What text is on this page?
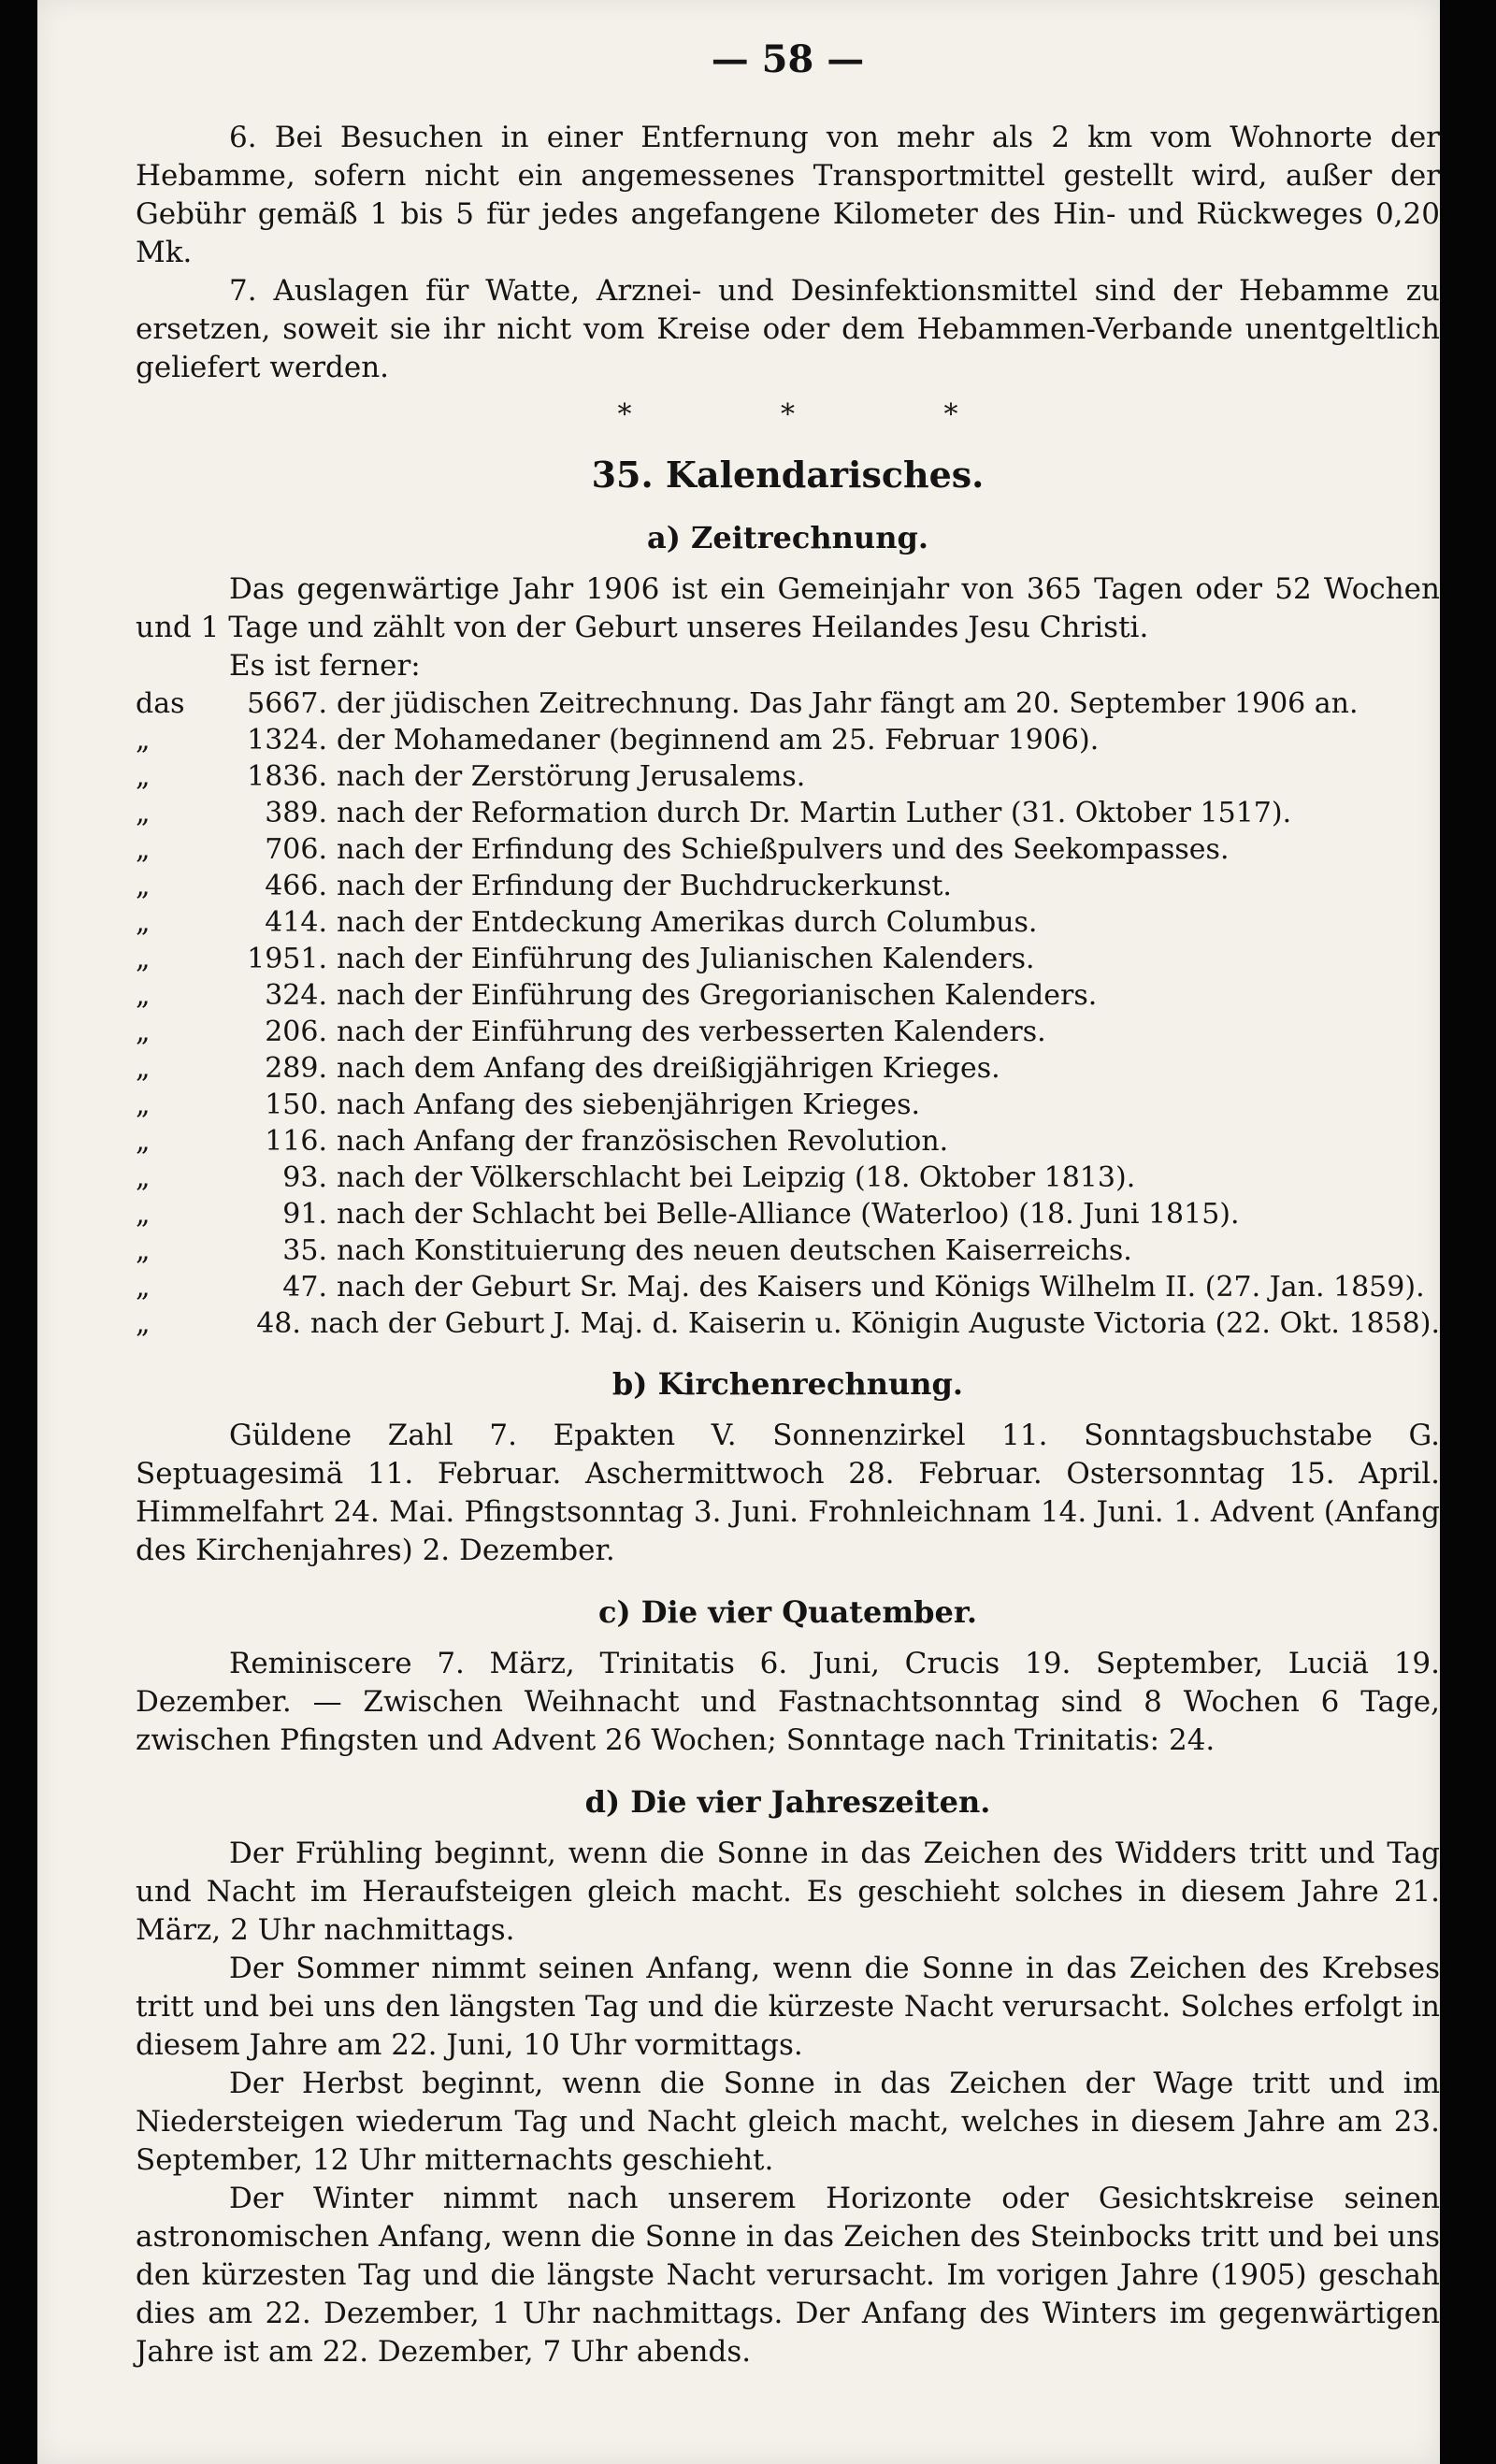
— 58 —

6. Bei Besuchen in einer Entfernung von mehr als 2 km vom Wohnorte der Hebamme, sofern nicht ein angemessenes Transportmittel gestellt wird, außer der Gebühr gemäß 1 bis 5 für jedes angefangene Kilometer des Hin- und Rückweges 0,20 Mk.

7. Auslagen für Watte, Arznei- und Desinfektionsmittel sind der Hebamme zu ersetzen, soweit sie ihr nicht vom Kreise oder dem Hebammen-Verbande unentgeltlich geliefert werden.

* * *
35. Kalendarisches.
a) Zeitrechnung.

Das gegenwärtige Jahr 1906 ist ein Gemeinjahr von 365 Tagen oder 52 Wochen und 1 Tage und zählt von der Geburt unseres Heilandes Jesu Christi.

Es ist ferner:

das	5667. der jüdischen Zeitrechnung. Das Jahr fängt am 20. September 1906 an.
„	1324. der Mohamedaner (beginnend am 25. Februar 1906).
„	1836. nach der Zerstörung Jerusalems.
„	389. nach der Reformation durch Dr. Martin Luther (31. Oktober 1517).
„	706. nach der Erfindung des Schießpulvers und des Seekompasses.
„	466. nach der Erfindung der Buchdruckerkunst.
„	414. nach der Entdeckung Amerikas durch Columbus.
„	1951. nach der Einführung des Julianischen Kalenders.
„	324. nach der Einführung des Gregorianischen Kalenders.
„	206. nach der Einführung des verbesserten Kalenders.
„	289. nach dem Anfang des dreißigjährigen Krieges.
„	150. nach Anfang des siebenjährigen Krieges.
„	116. nach Anfang der französischen Revolution.
„	93. nach der Völkerschlacht bei Leipzig (18. Oktober 1813).
„	91. nach der Schlacht bei Belle-Alliance (Waterloo) (18. Juni 1815).
„	35. nach Konstituierung des neuen deutschen Kaiserreichs.
„	47. nach der Geburt Sr. Maj. des Kaisers und Königs Wilhelm II. (27. Jan. 1859).
„	48. nach der Geburt J. Maj. d. Kaiserin u. Königin Auguste Victoria (22. Okt. 1858).
b) Kirchenrechnung.

Güldene Zahl 7. Epakten V. Sonnenzirkel 11. Sonntagsbuchstabe G. Septuagesimä 11. Februar. Aschermittwoch 28. Februar. Ostersonntag 15. April. Himmelfahrt 24. Mai. Pfingstsonntag 3. Juni. Frohnleichnam 14. Juni. 1. Advent (Anfang des Kirchenjahres) 2. Dezember.

c) Die vier Quatember.

Reminiscere 7. März, Trinitatis 6. Juni, Crucis 19. September, Luciä 19. Dezember. — Zwischen Weihnacht und Fastnachtsonntag sind 8 Wochen 6 Tage, zwischen Pfingsten und Advent 26 Wochen; Sonntage nach Trinitatis: 24.

d) Die vier Jahreszeiten.

Der Frühling beginnt, wenn die Sonne in das Zeichen des Widders tritt und Tag und Nacht im Heraufsteigen gleich macht. Es geschieht solches in diesem Jahre 21. März, 2 Uhr nachmittags.

Der Sommer nimmt seinen Anfang, wenn die Sonne in das Zeichen des Krebses tritt und bei uns den längsten Tag und die kürzeste Nacht verursacht. Solches erfolgt in diesem Jahre am 22. Juni, 10 Uhr vormittags.

Der Herbst beginnt, wenn die Sonne in das Zeichen der Wage tritt und im Niedersteigen wiederum Tag und Nacht gleich macht, welches in diesem Jahre am 23. September, 12 Uhr mitternachts geschieht.

Der Winter nimmt nach unserem Horizonte oder Gesichtskreise seinen astronomischen Anfang, wenn die Sonne in das Zeichen des Steinbocks tritt und bei uns den kürzesten Tag und die längste Nacht verursacht. Im vorigen Jahre (1905) geschah dies am 22. Dezember, 1 Uhr nachmittags. Der Anfang des Winters im gegenwärtigen Jahre ist am 22. Dezember, 7 Uhr abends.
